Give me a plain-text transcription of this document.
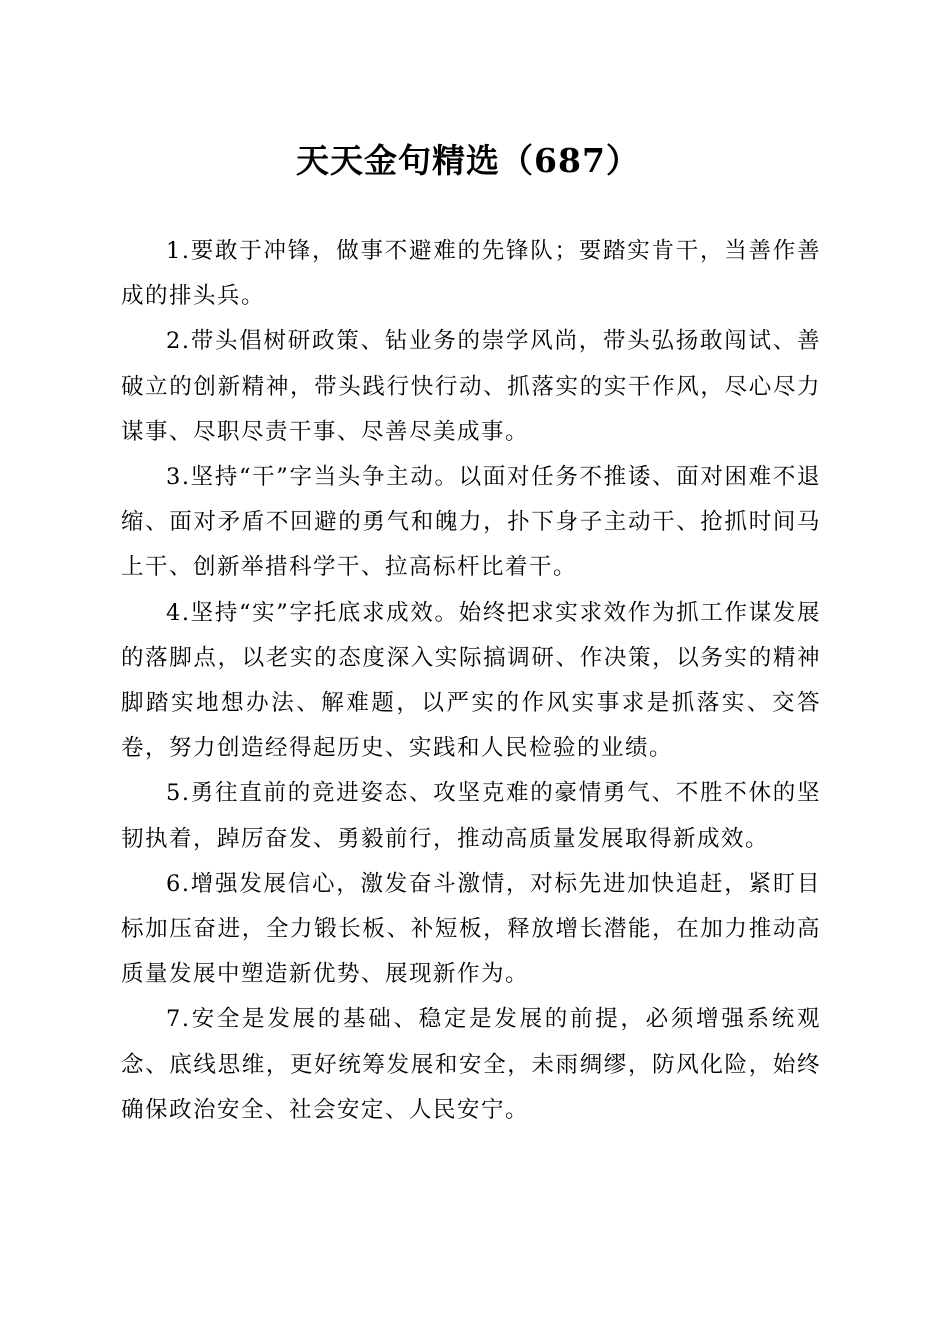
天天金句精选（687）

1.要敢于冲锋，做事不避难的先锋队；要踏实肯干，当善作善成的排头兵。

2.带头倡树研政策、钻业务的崇学风尚，带头弘扬敢闯试、善破立的创新精神，带头践行快行动、抓落实的实干作风，尽心尽力谋事、尽职尽责干事、尽善尽美成事。

3.坚持“干”字当头争主动。以面对任务不推诿、面对困难不退缩、面对矛盾不回避的勇气和魄力，扑下身子主动干、抢抓时间马上干、创新举措科学干、拉高标杆比着干。

4.坚持“实”字托底求成效。始终把求实求效作为抓工作谋发展的落脚点，以老实的态度深入实际搞调研、作决策，以务实的精神脚踏实地想办法、解难题，以严实的作风实事求是抓落实、交答卷，努力创造经得起历史、实践和人民检验的业绩。

5.勇往直前的竞进姿态、攻坚克难的豪情勇气、不胜不休的坚韧执着，踔厉奋发、勇毅前行，推动高质量发展取得新成效。

6.增强发展信心，激发奋斗激情，对标先进加快追赶，紧盯目标加压奋进，全力锻长板、补短板，释放增长潜能，在加力推动高质量发展中塑造新优势、展现新作为。

7.安全是发展的基础、稳定是发展的前提，必须增强系统观念、底线思维，更好统筹发展和安全，未雨绸缪，防风化险，始终确保政治安全、社会安定、人民安宁。
